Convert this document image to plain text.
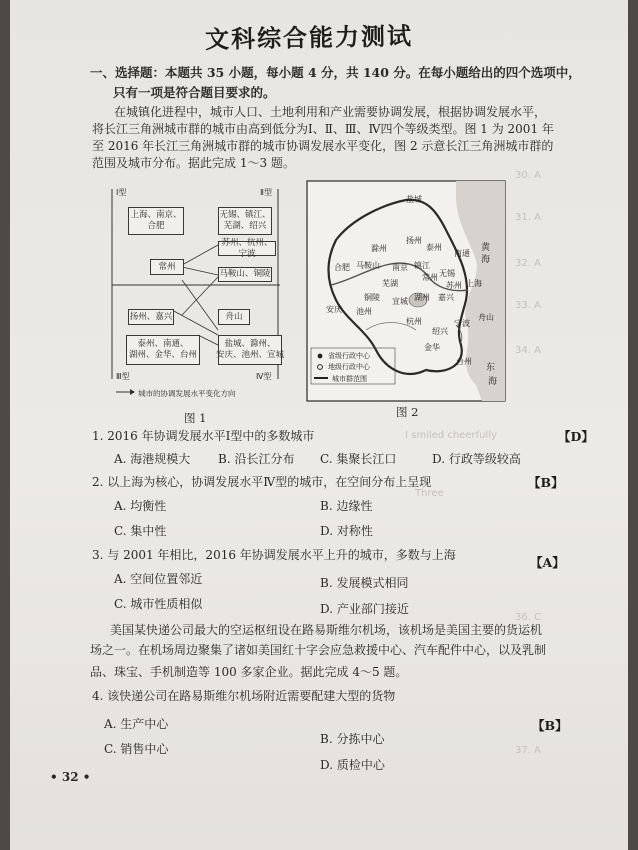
30. A
31. A
32. A
33. A
34. A
I smiled cheerfully
Three
36. C
37. A
文科综合能力测试
一、选择题：本题共 35 小题，每小题 4 分，共 140 分。在每小题给出的四个选项中，
只有一项是符合题目要求的。
在城镇化进程中，城市人口、土地利用和产业需要协调发展，根据协调发展水平，
将长江三角洲城市群的城市由高到低分为Ⅰ、Ⅱ、Ⅲ、Ⅳ四个等级类型。图 1 为 2001 年
至 2016 年长江三角洲城市群的城市协调发展水平变化，图 2 示意长江三角洲城市群的
范围及城市分布。据此完成 1～3 题。
Ⅰ型	Ⅱ型
Ⅲ型	Ⅳ型
上海、南京、
合肥
无锡、镇江、
芜湖、绍兴
苏州、杭州、宁波
常州
马鞍山、铜陵
扬州、嘉兴	舟山
泰州、南通、
湖州、金华、台州
盐城、滁州、
安庆、池州、宣城
城市的协调发展水平变化方向
图 1
盐城
扬州
泰州
滁州
南通
马鞍山 南京 镇江
常州 无锡
苏州
合肥
芜湖
铜陵 宣城 湖州 嘉兴
上海
安庆 池州
杭州
绍兴
宁波
舟山
金华
台州
黄
海
东
海
省级行政中心
地级行政中心
城市群范围
图 2
1. 2016 年协调发展水平Ⅰ型中的多数城市	【D】
A. 海港规模大 B. 沿长江分布 C. 集聚长江口	D. 行政等级较高
2. 以上海为核心，协调发展水平Ⅳ型的城市，在空间分布上呈现	【B】
A. 均衡性	B. 边缘性
C. 集中性	D. 对称性
3. 与 2001 年相比，2016 年协调发展水平上升的城市，多数与上海	【A】
A. 空间位置邻近	B. 发展模式相同
C. 城市性质相似	D. 产业部门接近
美国某快递公司最大的空运枢纽设在路易斯维尔机场，该机场是美国主要的货运机
场之一。在机场周边聚集了诸如美国红十字会应急救援中心、汽车配件中心，以及乳制
品、珠宝、手机制造等 100 多家企业。据此完成 4～5 题。
4. 该快递公司在路易斯维尔机场附近需要配建大型的货物
【B】
A. 生产中心
B. 分拣中心
C. 销售中心
D. 质检中心
• 32 •
